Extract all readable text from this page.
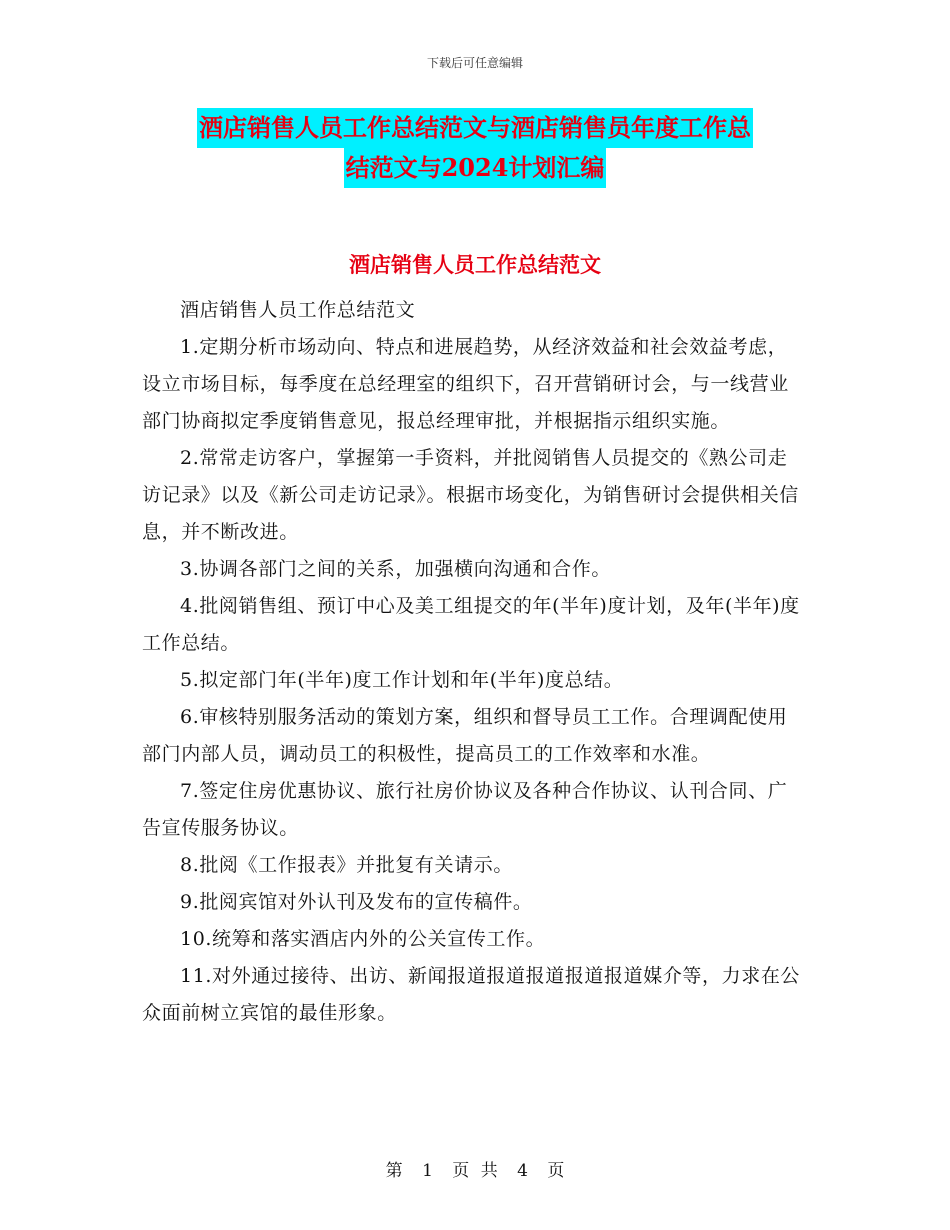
下载后可任意编辑
酒店销售人员工作总结范文与酒店销售员年度工作总
结范文与2024计划汇编
酒店销售人员工作总结范文

酒店销售人员工作总结范文

1.定期分析市场动向、特点和进展趋势，从经济效益和社会效益考虑，设立市场目标，每季度在总经理室的组织下，召开营销研讨会，与一线营业部门协商拟定季度销售意见，报总经理审批，并根据指示组织实施。

2.常常走访客户，掌握第一手资料，并批阅销售人员提交的《熟公司走访记录》以及《新公司走访记录》。根据市场变化，为销售研讨会提供相关信息，并不断改进。

3.协调各部门之间的关系，加强横向沟通和合作。

4.批阅销售组、预订中心及美工组提交的年(半年)度计划，及年(半年)度工作总结。

5.拟定部门年(半年)度工作计划和年(半年)度总结。

6.审核特别服务活动的策划方案，组织和督导员工工作。合理调配使用部门内部人员，调动员工的积极性，提高员工的工作效率和水准。

7.签定住房优惠协议、旅行社房价协议及各种合作协议、认刊合同、广告宣传服务协议。

8.批阅《工作报表》并批复有关请示。

9.批阅宾馆对外认刊及发布的宣传稿件。

10.统筹和落实酒店内外的公关宣传工作。

11.对外通过接待、出访、新闻报道报道报道报道报道媒介等，力求在公众面前树立宾馆的最佳形象。

第 1 页 共 4 页
